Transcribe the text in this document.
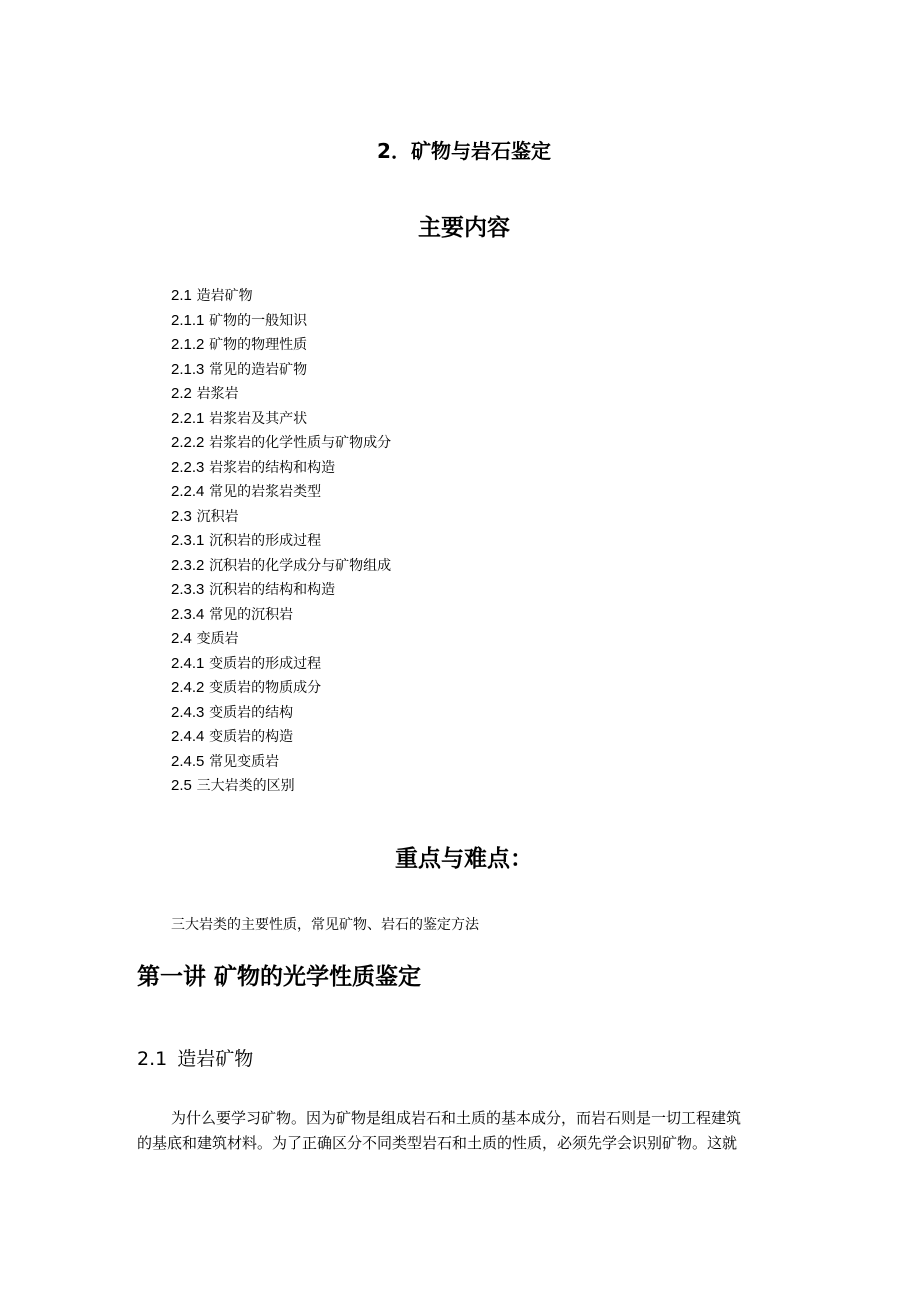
2．矿物与岩石鉴定
主要内容
2.1 造岩矿物
2.1.1 矿物的一般知识
2.1.2 矿物的物理性质
2.1.3 常见的造岩矿物
2.2 岩浆岩
2.2.1 岩浆岩及其产状
2.2.2 岩浆岩的化学性质与矿物成分
2.2.3 岩浆岩的结构和构造
2.2.4 常见的岩浆岩类型
2.3 沉积岩
2.3.1 沉积岩的形成过程
2.3.2 沉积岩的化学成分与矿物组成
2.3.3 沉积岩的结构和构造
2.3.4 常见的沉积岩
2.4 变质岩
2.4.1 变质岩的形成过程
2.4.2 变质岩的物质成分
2.4.3 变质岩的结构
2.4.4 变质岩的构造
2.4.5 常见变质岩
2.5 三大岩类的区别
重点与难点：
三大岩类的主要性质，常见矿物、岩石的鉴定方法
第一讲 矿物的光学性质鉴定
2.1 造岩矿物
为什么要学习矿物。因为矿物是组成岩石和土质的基本成分，而岩石则是一切工程建筑
的基底和建筑材料。为了正确区分不同类型岩石和土质的性质，必须先学会识别矿物。这就
